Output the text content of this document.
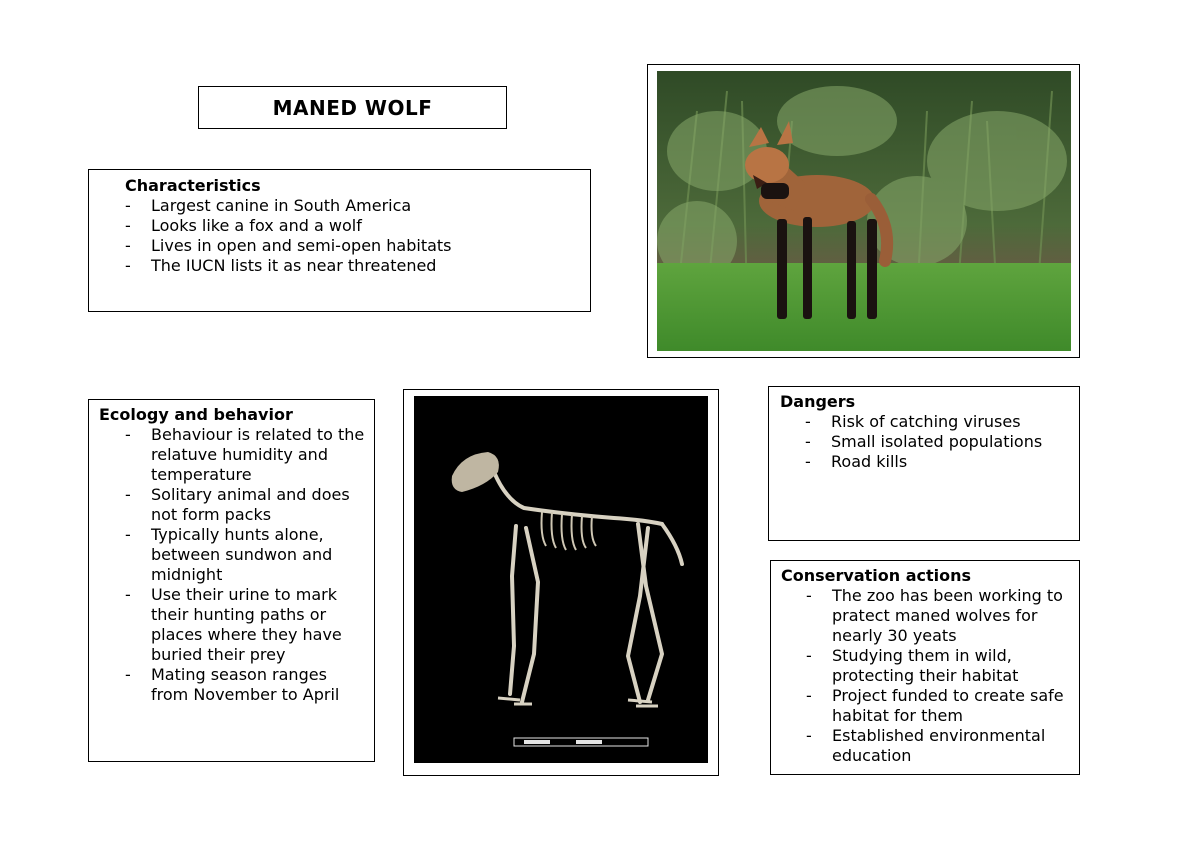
MANED WOLF
Characteristics
- Largest canine in South America
- Looks like a fox and a wolf
- Lives in open and semi-open habitats
- The IUCN lists it as near threatened
Ecology and behavior
- Behaviour is related to the relatuve humidity and temperature
- Solitary animal and does not form packs
- Typically hunts alone, between sundwon and midnight
- Use their urine to mark their hunting paths or places where they have buried their prey
- Mating season ranges from November to April
Dangers
- Risk of catching viruses
- Small isolated populations
- Road kills
Conservation actions
- The zoo has been working to pratect maned wolves for nearly 30 yeats
- Studying them in wild, protecting their habitat
- Project funded to create safe habitat for them
- Established environmental education
